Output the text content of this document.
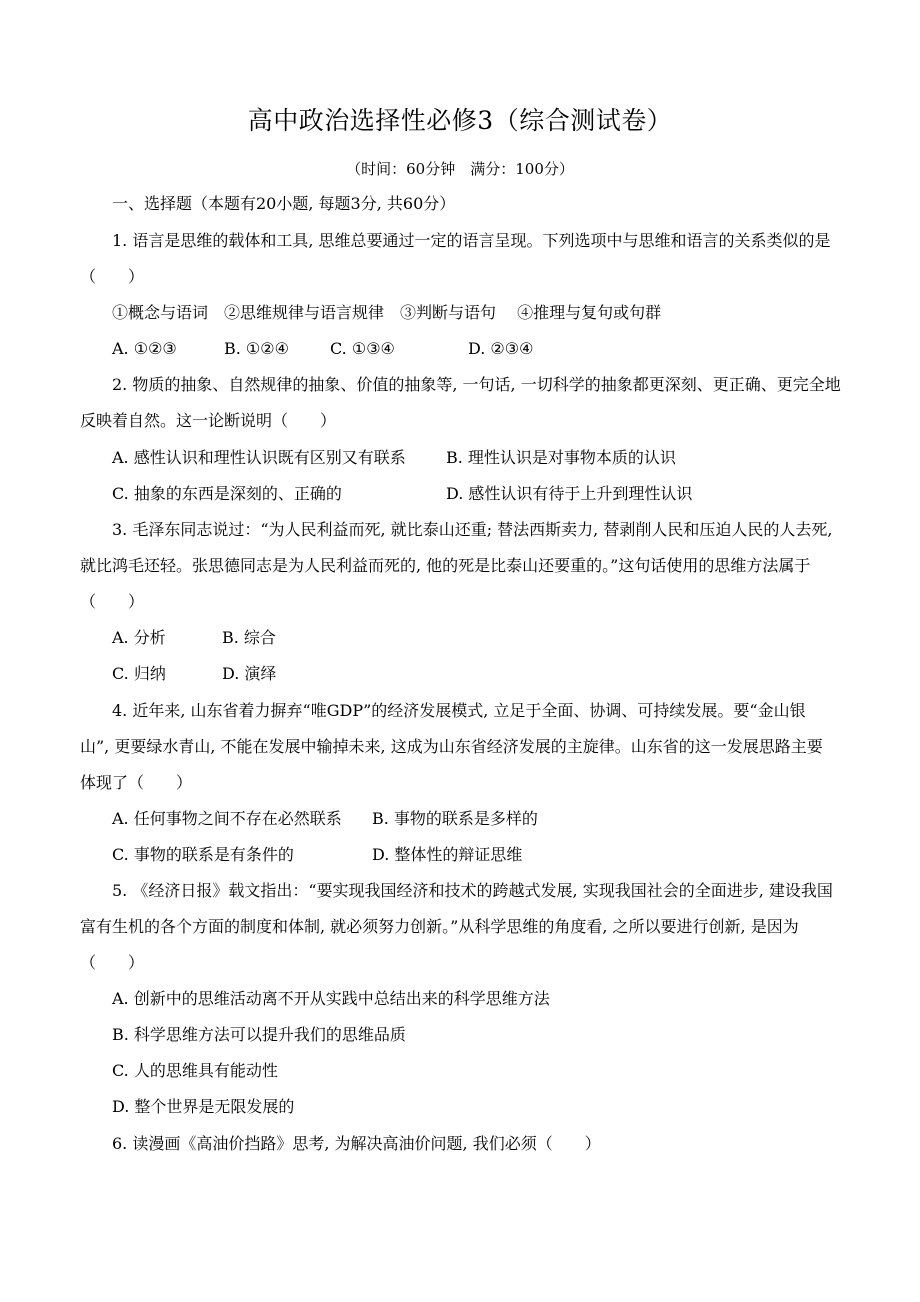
高中政治选择性必修3（综合测试卷）
（时间：60分钟　满分：100分）
一、选择题（本题有20小题, 每题3分, 共60分）
1. 语言是思维的载体和工具, 思维总要通过一定的语言呈现。下列选项中与思维和语言的关系类似的是
（　　）
①概念与语词　②思维规律与语言规律　③判断与语句　 ④推理与复句或句群
A. ①②③	B. ①②④	C. ①③④	D. ②③④
2. 物质的抽象、自然规律的抽象、价值的抽象等, 一句话, 一切科学的抽象都更深刻、更正确、更完全地
反映着自然。这一论断说明（　　）
A. 感性认识和理性认识既有区别又有联系	B. 理性认识是对事物本质的认识
C. 抽象的东西是深刻的、正确的	D. 感性认识有待于上升到理性认识
3. 毛泽东同志说过：“为人民利益而死, 就比泰山还重; 替法西斯卖力, 替剥削人民和压迫人民的人去死,
就比鸿毛还轻。张思德同志是为人民利益而死的, 他的死是比泰山还要重的。”这句话使用的思维方法属于
（　　）
A. 分析	B. 综合
C. 归纳	D. 演绎
4. 近年来, 山东省着力摒弃“唯GDP”的经济发展模式, 立足于全面、协调、可持续发展。要“金山银
山”, 更要绿水青山, 不能在发展中输掉未来, 这成为山东省经济发展的主旋律。山东省的这一发展思路主要
体现了（　　）
A. 任何事物之间不存在必然联系 B. 事物的联系是多样的
C. 事物的联系是有条件的	D. 整体性的辩证思维
5. 《经济日报》载文指出：“要实现我国经济和技术的跨越式发展, 实现我国社会的全面进步, 建设我国
富有生机的各个方面的制度和体制, 就必须努力创新。”从科学思维的角度看, 之所以要进行创新, 是因为
（　　）
A. 创新中的思维活动离不开从实践中总结出来的科学思维方法
B. 科学思维方法可以提升我们的思维品质
C. 人的思维具有能动性
D. 整个世界是无限发展的
6. 读漫画《高油价挡路》思考, 为解决高油价问题, 我们必须（　　）
